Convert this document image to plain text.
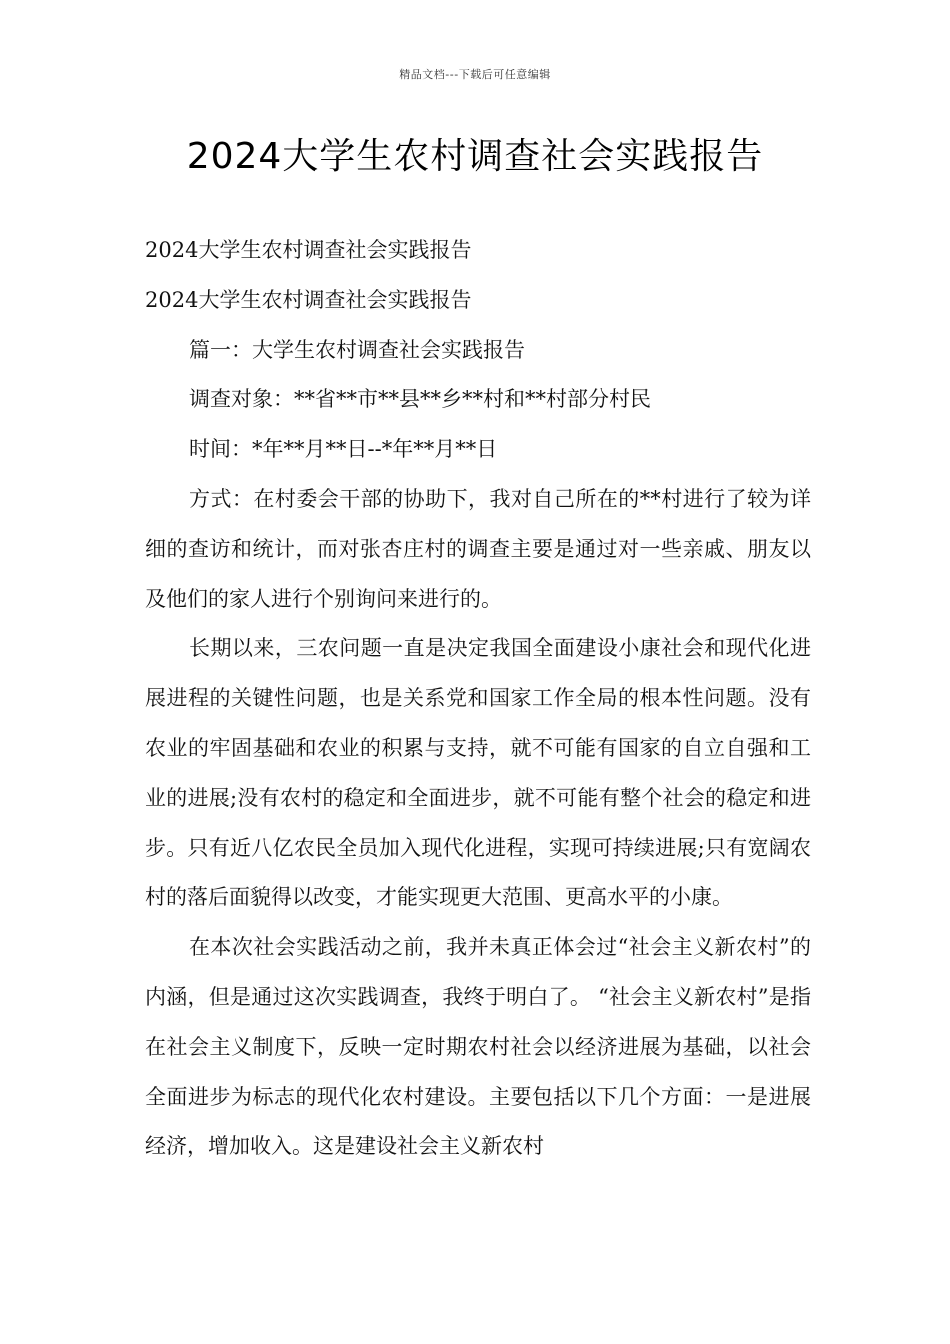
精品文档---下载后可任意编辑
2024大学生农村调查社会实践报告

2024大学生农村调查社会实践报告

2024大学生农村调查社会实践报告

篇一：大学生农村调查社会实践报告

调查对象：**省**市**县**乡**村和**村部分村民

时间：*年**月**日--*年**月**日

方式：在村委会干部的协助下，我对自己所在的**村进行了较为详细的查访和统计，而对张杏庄村的调查主要是通过对一些亲戚、朋友以及他们的家人进行个别询问来进行的。

长期以来，三农问题一直是决定我国全面建设小康社会和现代化进展进程的关键性问题，也是关系党和国家工作全局的根本性问题。没有农业的牢固基础和农业的积累与支持，就不可能有国家的自立自强和工业的进展;没有农村的稳定和全面进步，就不可能有整个社会的稳定和进步。只有近八亿农民全员加入现代化进程，实现可持续进展;只有宽阔农村的落后面貌得以改变，才能实现更大范围、更高水平的小康。

在本次社会实践活动之前，我并未真正体会过“社会主义新农村”的内涵，但是通过这次实践调查，我终于明白了。 “社会主义新农村”是指在社会主义制度下，反映一定时期农村社会以经济进展为基础，以社会全面进步为标志的现代化农村建设。主要包括以下几个方面：一是进展经济，增加收入。这是建设社会主义新农村
